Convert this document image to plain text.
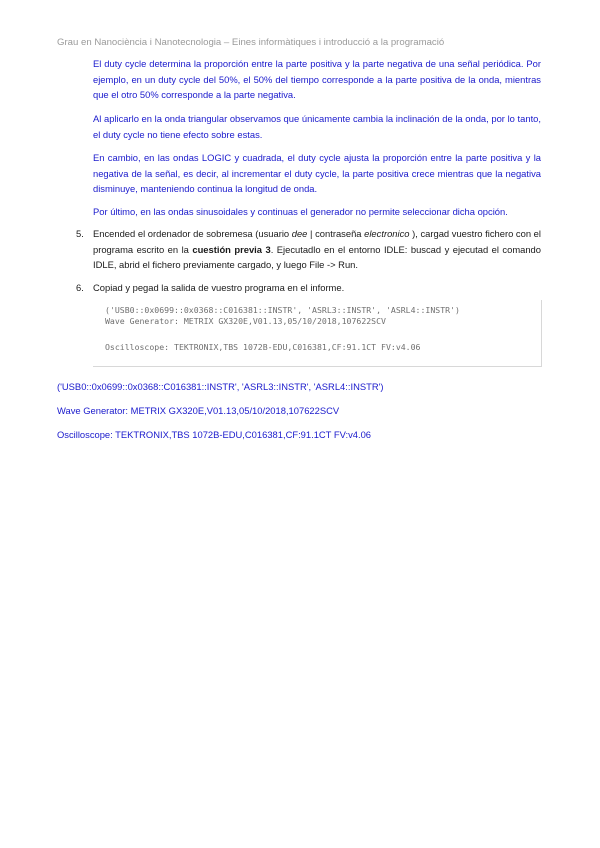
Grau en Nanociència i Nanotecnologia – Eines informàtiques i introducció a la programació

El duty cycle determina la proporción entre la parte positiva y la parte negativa de una señal periódica. Por ejemplo, en un duty cycle del 50%, el 50% del tiempo corresponde a la parte positiva de la onda, mientras que el otro 50% corresponde a la parte negativa.

Al aplicarlo en la onda triangular observamos que únicamente cambia la inclinación de la onda, por lo tanto, el duty cycle no tiene efecto sobre estas.

En cambio, en las ondas LOGIC y cuadrada, el duty cycle ajusta la proporción entre la parte positiva y la negativa de la señal, es decir, al incrementar el duty cycle, la parte positiva crece mientras que la negativa disminuye, manteniendo continua la longitud de onda.

Por último, en las ondas sinusoidales y continuas el generador no permite seleccionar dicha opción.

5. Encended el ordenador de sobremesa (usuario dee | contraseña electronico ), cargad vuestro fichero con el programa escrito en la cuestión previa 3. Ejecutadlo en el entorno IDLE: buscad y ejecutad el comando IDLE, abrid el fichero previamente cargado, y luego File -> Run.
6. Copiad y pegad la salida de vuestro programa en el informe.

('USB0::0x0699::0x0368::C016381::INSTR', 'ASRL3::INSTR', 'ASRL4::INSTR')

Wave Generator: METRIX GX320E,V01.13,05/10/2018,107622SCV

Oscilloscope: TEKTRONIX,TBS 1072B-EDU,C016381,CF:91.1CT FV:v4.06

('USB0::0x0699::0x0368::C016381::INSTR', 'ASRL3::INSTR', 'ASRL4::INSTR')
Wave Generator: METRIX GX320E,V01.13,05/10/2018,107622SCV
Oscilloscope: TEKTRONIX,TBS 1072B-EDU,C016381,CF:91.1CT FV:v4.06
